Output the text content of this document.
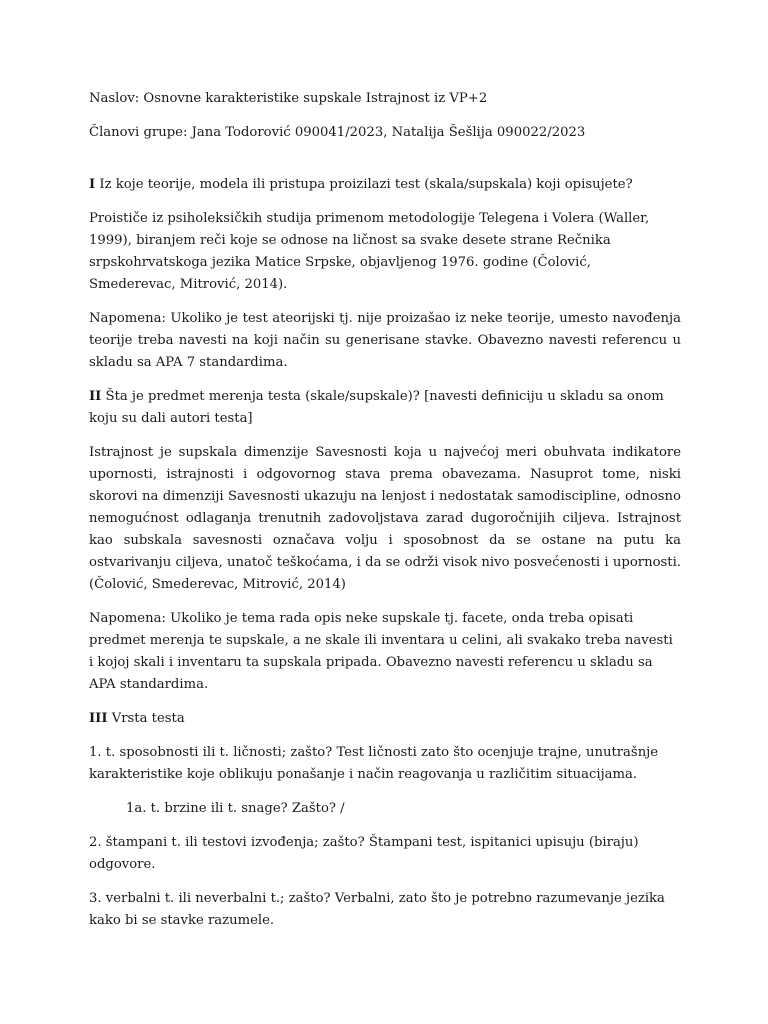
Naslov: Osnovne karakteristike supskale Istrajnost iz VP+2

Članovi grupe: Jana Todorović 090041/2023, Natalija Šešlija 090022/2023

I Iz koje teorije, modela ili pristupa proizilazi test (skala/supskala) koji opisujete?

Proističe iz psiholeksičkih studija primenom metodologije Telegena i Volera (Waller, 1999), biranjem reči koje se odnose na ličnost sa svake desete strane Rečnika srpskohrvatskoga jezika Matice Srpske, objavljenog 1976. godine (Čolović, Smederevac, Mitrović, 2014).

Napomena: Ukoliko je test ateorijski tj. nije proizašao iz neke teorije, umesto navođenja teorije treba navesti na koji način su generisane stavke. Obavezno navesti referencu u skladu sa APA 7 standardima.

II Šta je predmet merenja testa (skale/supskale)? [navesti definiciju u skladu sa onom koju su dali autori testa]

Istrajnost je supskala dimenzije Savesnosti koja u najvećoj meri obuhvata indikatore upornosti, istrajnosti i odgovornog stava prema obavezama. Nasuprot tome, niski skorovi na dimenziji Savesnosti ukazuju na lenjost i nedostatak samodiscipline, odnosno nemogućnost odlaganja trenutnih zadovoljstava zarad dugoročnijih ciljeva. Istrajnost kao subskala savesnosti označava volju i sposobnost da se ostane na putu ka ostvarivanju ciljeva, unatoč teškoćama, i da se održi visok nivo posvećenosti i upornosti. (Čolović, Smederevac, Mitrović, 2014)

Napomena: Ukoliko je tema rada opis neke supskale tj. facete, onda treba opisati predmet merenja te supskale, a ne skale ili inventara u celini, ali svakako treba navesti i kojoj skali i inventaru ta supskala pripada. Obavezno navesti referencu u skladu sa APA standardima.

III Vrsta testa

1. t. sposobnosti ili t. ličnosti; zašto? Test ličnosti zato što ocenjuje trajne, unutrašnje karakteristike koje oblikuju ponašanje i način reagovanja u različitim situacijama.

1a. t. brzine ili t. snage? Zašto? /

2. štampani t. ili testovi izvođenja; zašto? Štampani test, ispitanici upisuju (biraju) odgovore.

3. verbalni t. ili neverbalni t.; zašto? Verbalni, zato što je potrebno razumevanje jezika kako bi se stavke razumele.
